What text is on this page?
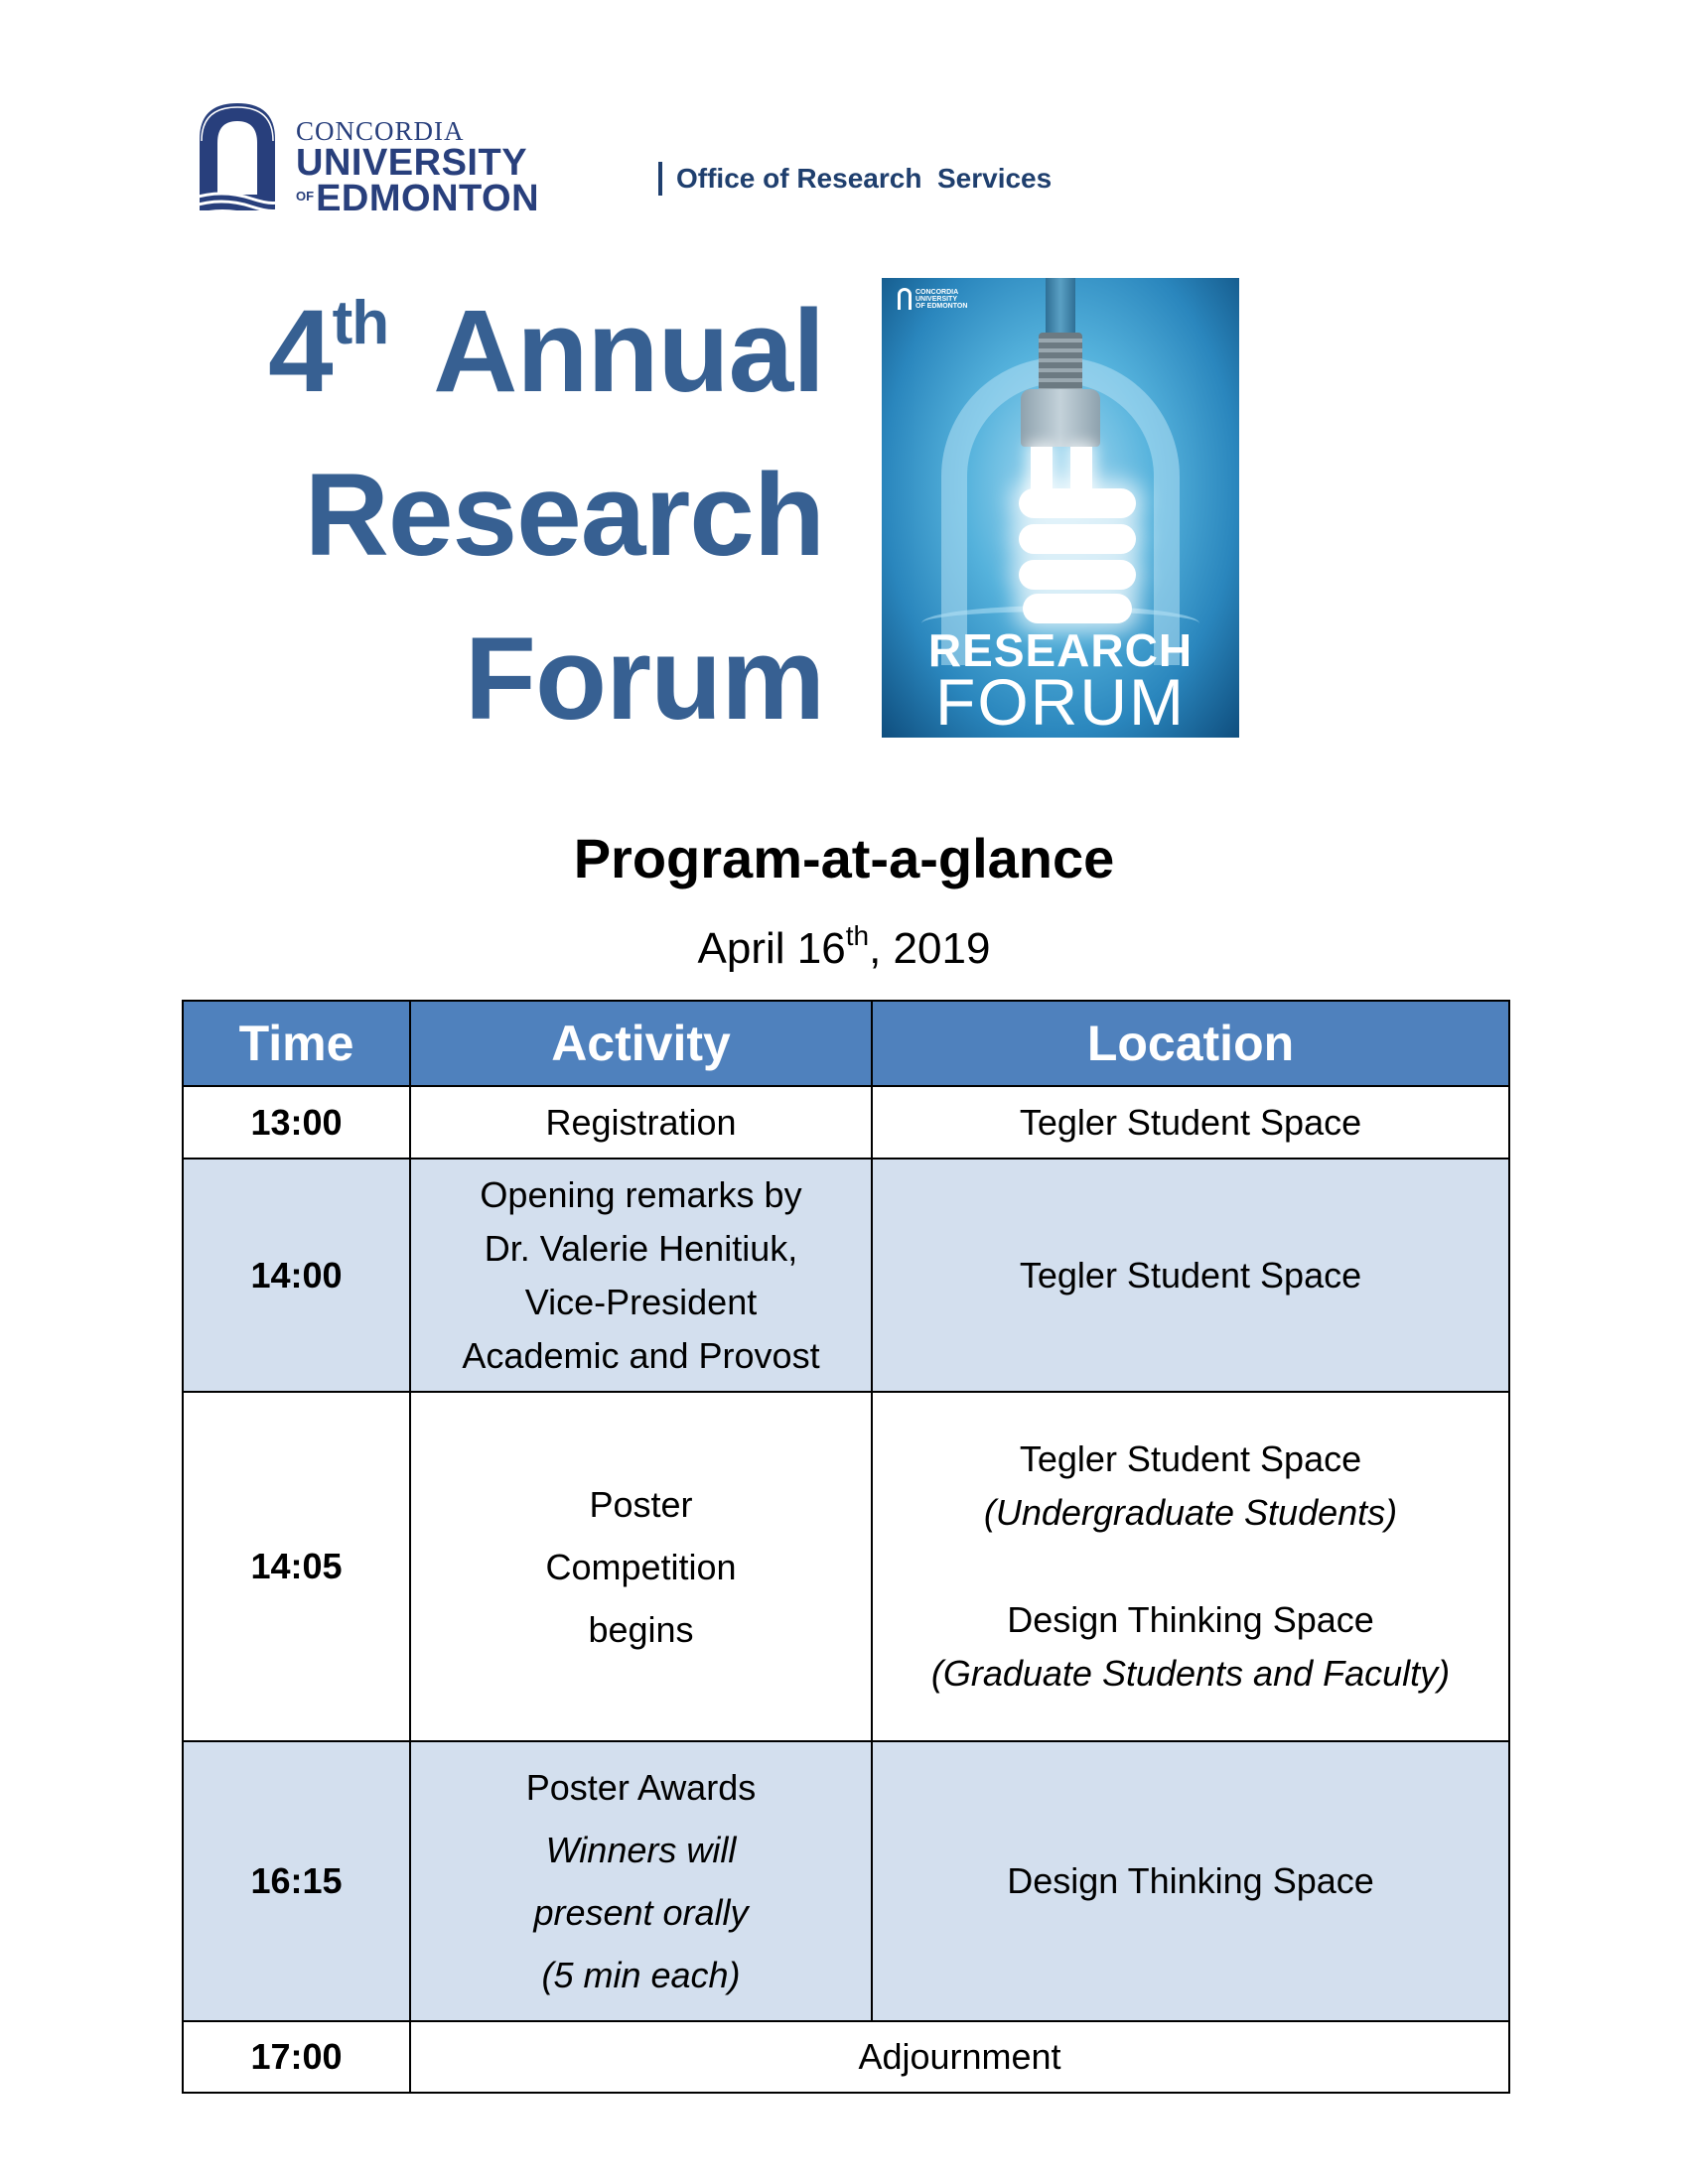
CONCORDIA
UNIVERSITY
OF EDMONTON	Office of Research  Services
4th Annual
Research
Forum
CONCORDIA
UNIVERSITY
OF EDMONTON
RESEARCH
FORUM
Program-at-a-glance
April 16th, 2019
Time	Activity	Location
13:00	Registration	Tegler Student Space

14:00	Opening remarks by
Dr. Valerie Henitiuk,
Vice-President
Academic and Provost	Tegler Student Space

14:05	Poster
Competition
begins	Tegler Student Space
(Undergraduate Students)
Design Thinking Space
(Graduate Students and Faculty)

16:15	Poster Awards
Winners will
present orally
(5 min each)	Design Thinking Space

17:00	Adjournment	
